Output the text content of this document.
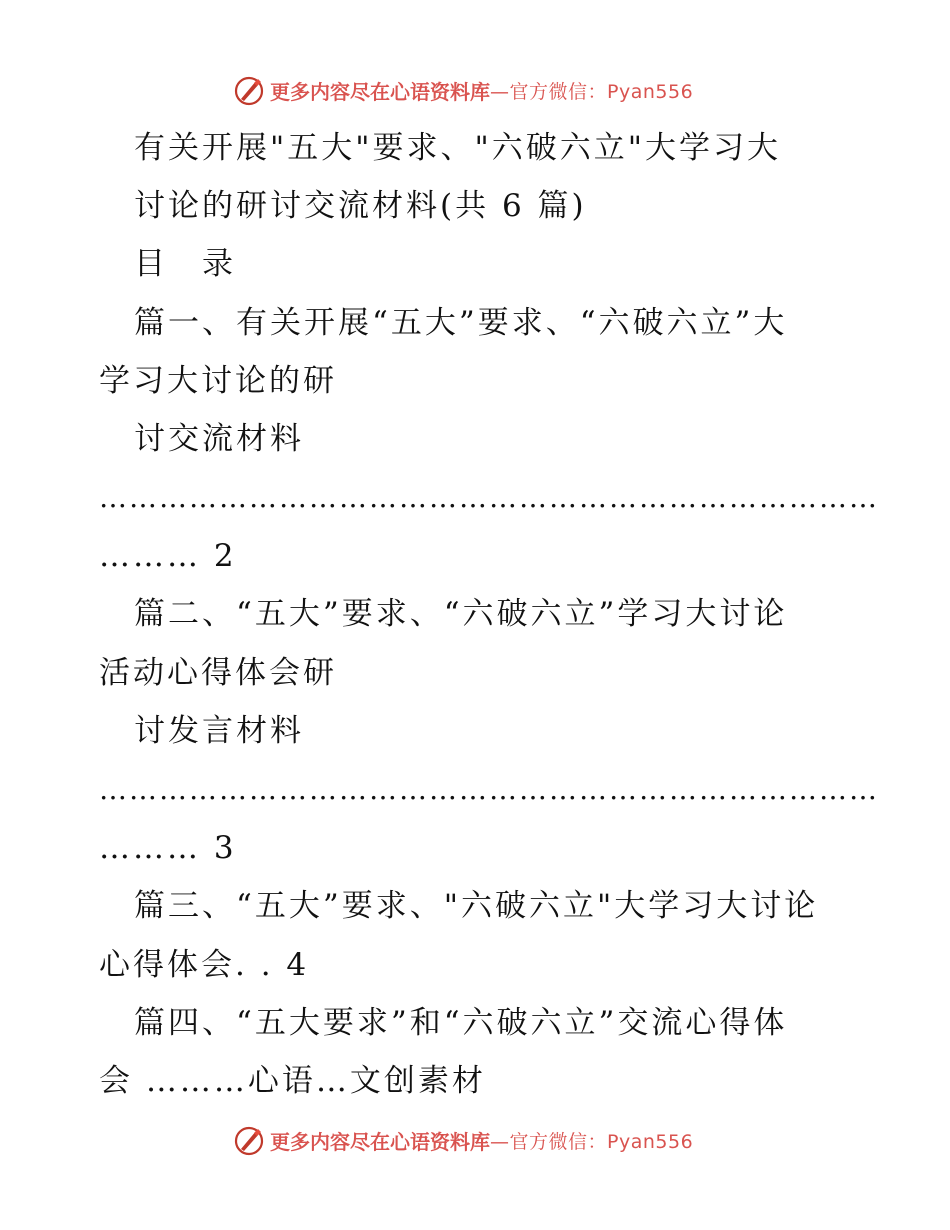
更多内容尽在心语资料库 —官方微信：Pyan556
有关开展"五大"要求、"六破六立"大学习大
讨论的研讨交流材料(共 6 篇)
目　录
篇一、有关开展“五大”要求、“六破六立”大
学习大讨论的研
讨交流材料
……………………………………………………………………
……… 2
篇二、“五大”要求、“六破六立”学习大讨论
活动心得体会研
讨发言材料
……………………………………………………………………
……… 3
篇三、“五大”要求、"六破六立"大学习大讨论
心得体会. . 4
篇四、“五大要求”和“六破六立”交流心得体
会 ………心语…文创素材
更多内容尽在心语资料库 —官方微信：Pyan556
